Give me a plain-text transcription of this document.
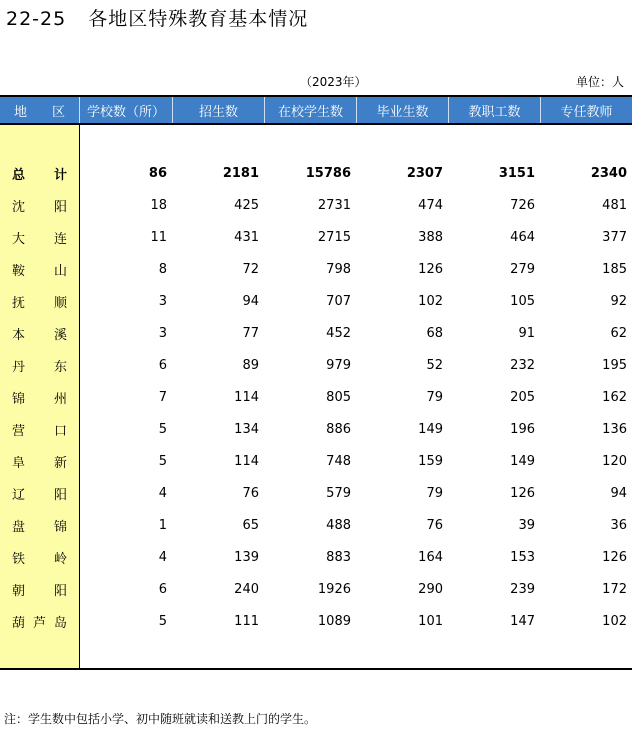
22-25 各地区特殊教育基本情况
（2023年）	单位：人
地 区	学校数（所）	招生数	在校学生数	毕业生数	教职工数	专任教师
总 计	86	2181	15786	2307	3151	2340
沈 阳	18	425	2731	474	726	481
大 连	11	431	2715	388	464	377
鞍 山	8	72	798	126	279	185
抚 顺	3	94	707	102	105	92
本 溪	3	77	452	68	91	62
丹 东	6	89	979	52	232	195
锦 州	7	114	805	79	205	162
营 口	5	134	886	149	196	136
阜 新	5	114	748	159	149	120
辽 阳	4	76	579	79	126	94
盘 锦	1	65	488	76	39	36
铁 岭	4	139	883	164	153	126
朝 阳	6	240	1926	290	239	172
葫 芦 岛	5	111	1089	101	147	102
注：学生数中包括小学、初中随班就读和送教上门的学生。
